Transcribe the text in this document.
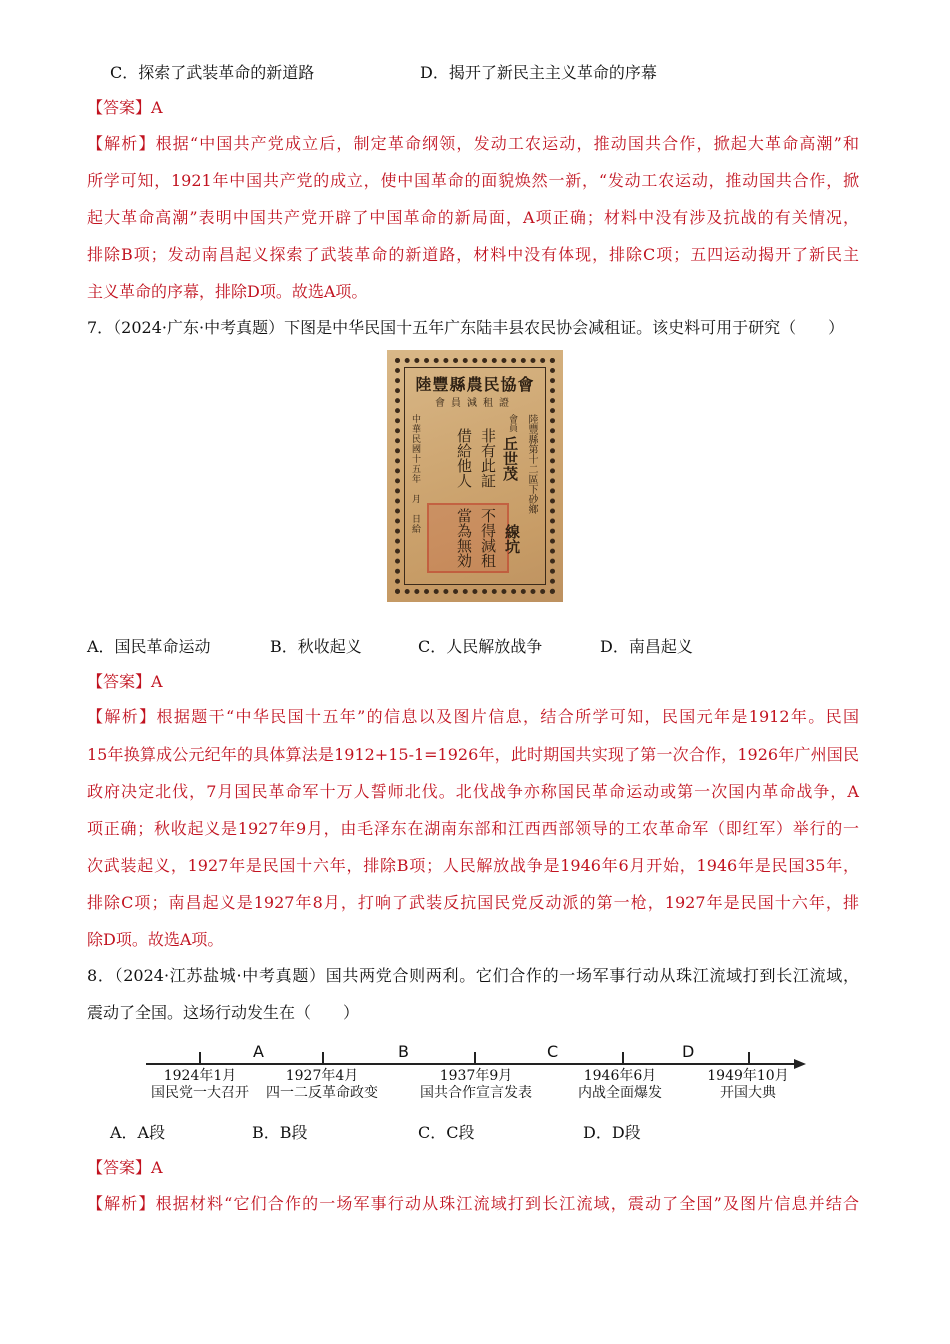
C．探索了武装革命的新道路	D．揭开了新民主主义革命的序幕
【答案】A
【解析】根据“中国共产党成立后，制定革命纲领，发动工农运动，推动国共合作，掀起大革命高潮”和
所学可知，1921年中国共产党的成立，使中国革命的面貌焕然一新，“发动工农运动，推动国共合作，掀
起大革命高潮”表明中国共产党开辟了中国革命的新局面，A项正确；材料中没有涉及抗战的有关情况，
排除B项；发动南昌起义探索了武装革命的新道路，材料中没有体现，排除C项；五四运动揭开了新民主
主义革命的序幕，排除D项。故选A项。
7．（2024·广东·中考真题）下图是中华民国十五年广东陆丰县农民协会减租证。该史料可用于研究（　　）
陸豐縣農民協會
會員減租證
陸豐縣第十二區下砂鄉
線坑
會員
丘世茂
非有此証
不得減租
借給他人
當為無効
中華民國十五年　月　日給
A．国民革命运动	B．秋收起义	C．人民解放战争	D．南昌起义
【答案】A
【解析】根据题干“中华民国十五年”的信息以及图片信息，结合所学可知，民国元年是1912年。民国
15年换算成公元纪年的具体算法是1912+15-1=1926年，此时期国共实现了第一次合作，1926年广州国民
政府决定北伐，7月国民革命军十万人誓师北伐。北伐战争亦称国民革命运动或第一次国内革命战争，A
项正确；秋收起义是1927年9月，由毛泽东在湖南东部和江西西部领导的工农革命军（即红军）举行的一
次武装起义，1927年是民国十六年，排除B项；人民解放战争是1946年6月开始，1946年是民国35年，
排除C项；南昌起义是1927年8月，打响了武装反抗国民党反动派的第一枪，1927年是民国十六年，排
除D项。故选A项。
8．（2024·江苏盐城·中考真题）国共两党合则两利。它们合作的一场军事行动从珠江流域打到长江流域，
震动了全国。这场行动发生在（　　）
A	B	C	D
1924年1月
国民党一大召开
1927年4月
四一二反革命政变
1937年9月
国共合作宣言发表
1946年6月
内战全面爆发
1949年10月
开国大典
A．A段	B．B段	C．C段	D．D段
【答案】A
【解析】根据材料“它们合作的一场军事行动从珠江流域打到长江流域，震动了全国”及图片信息并结合
